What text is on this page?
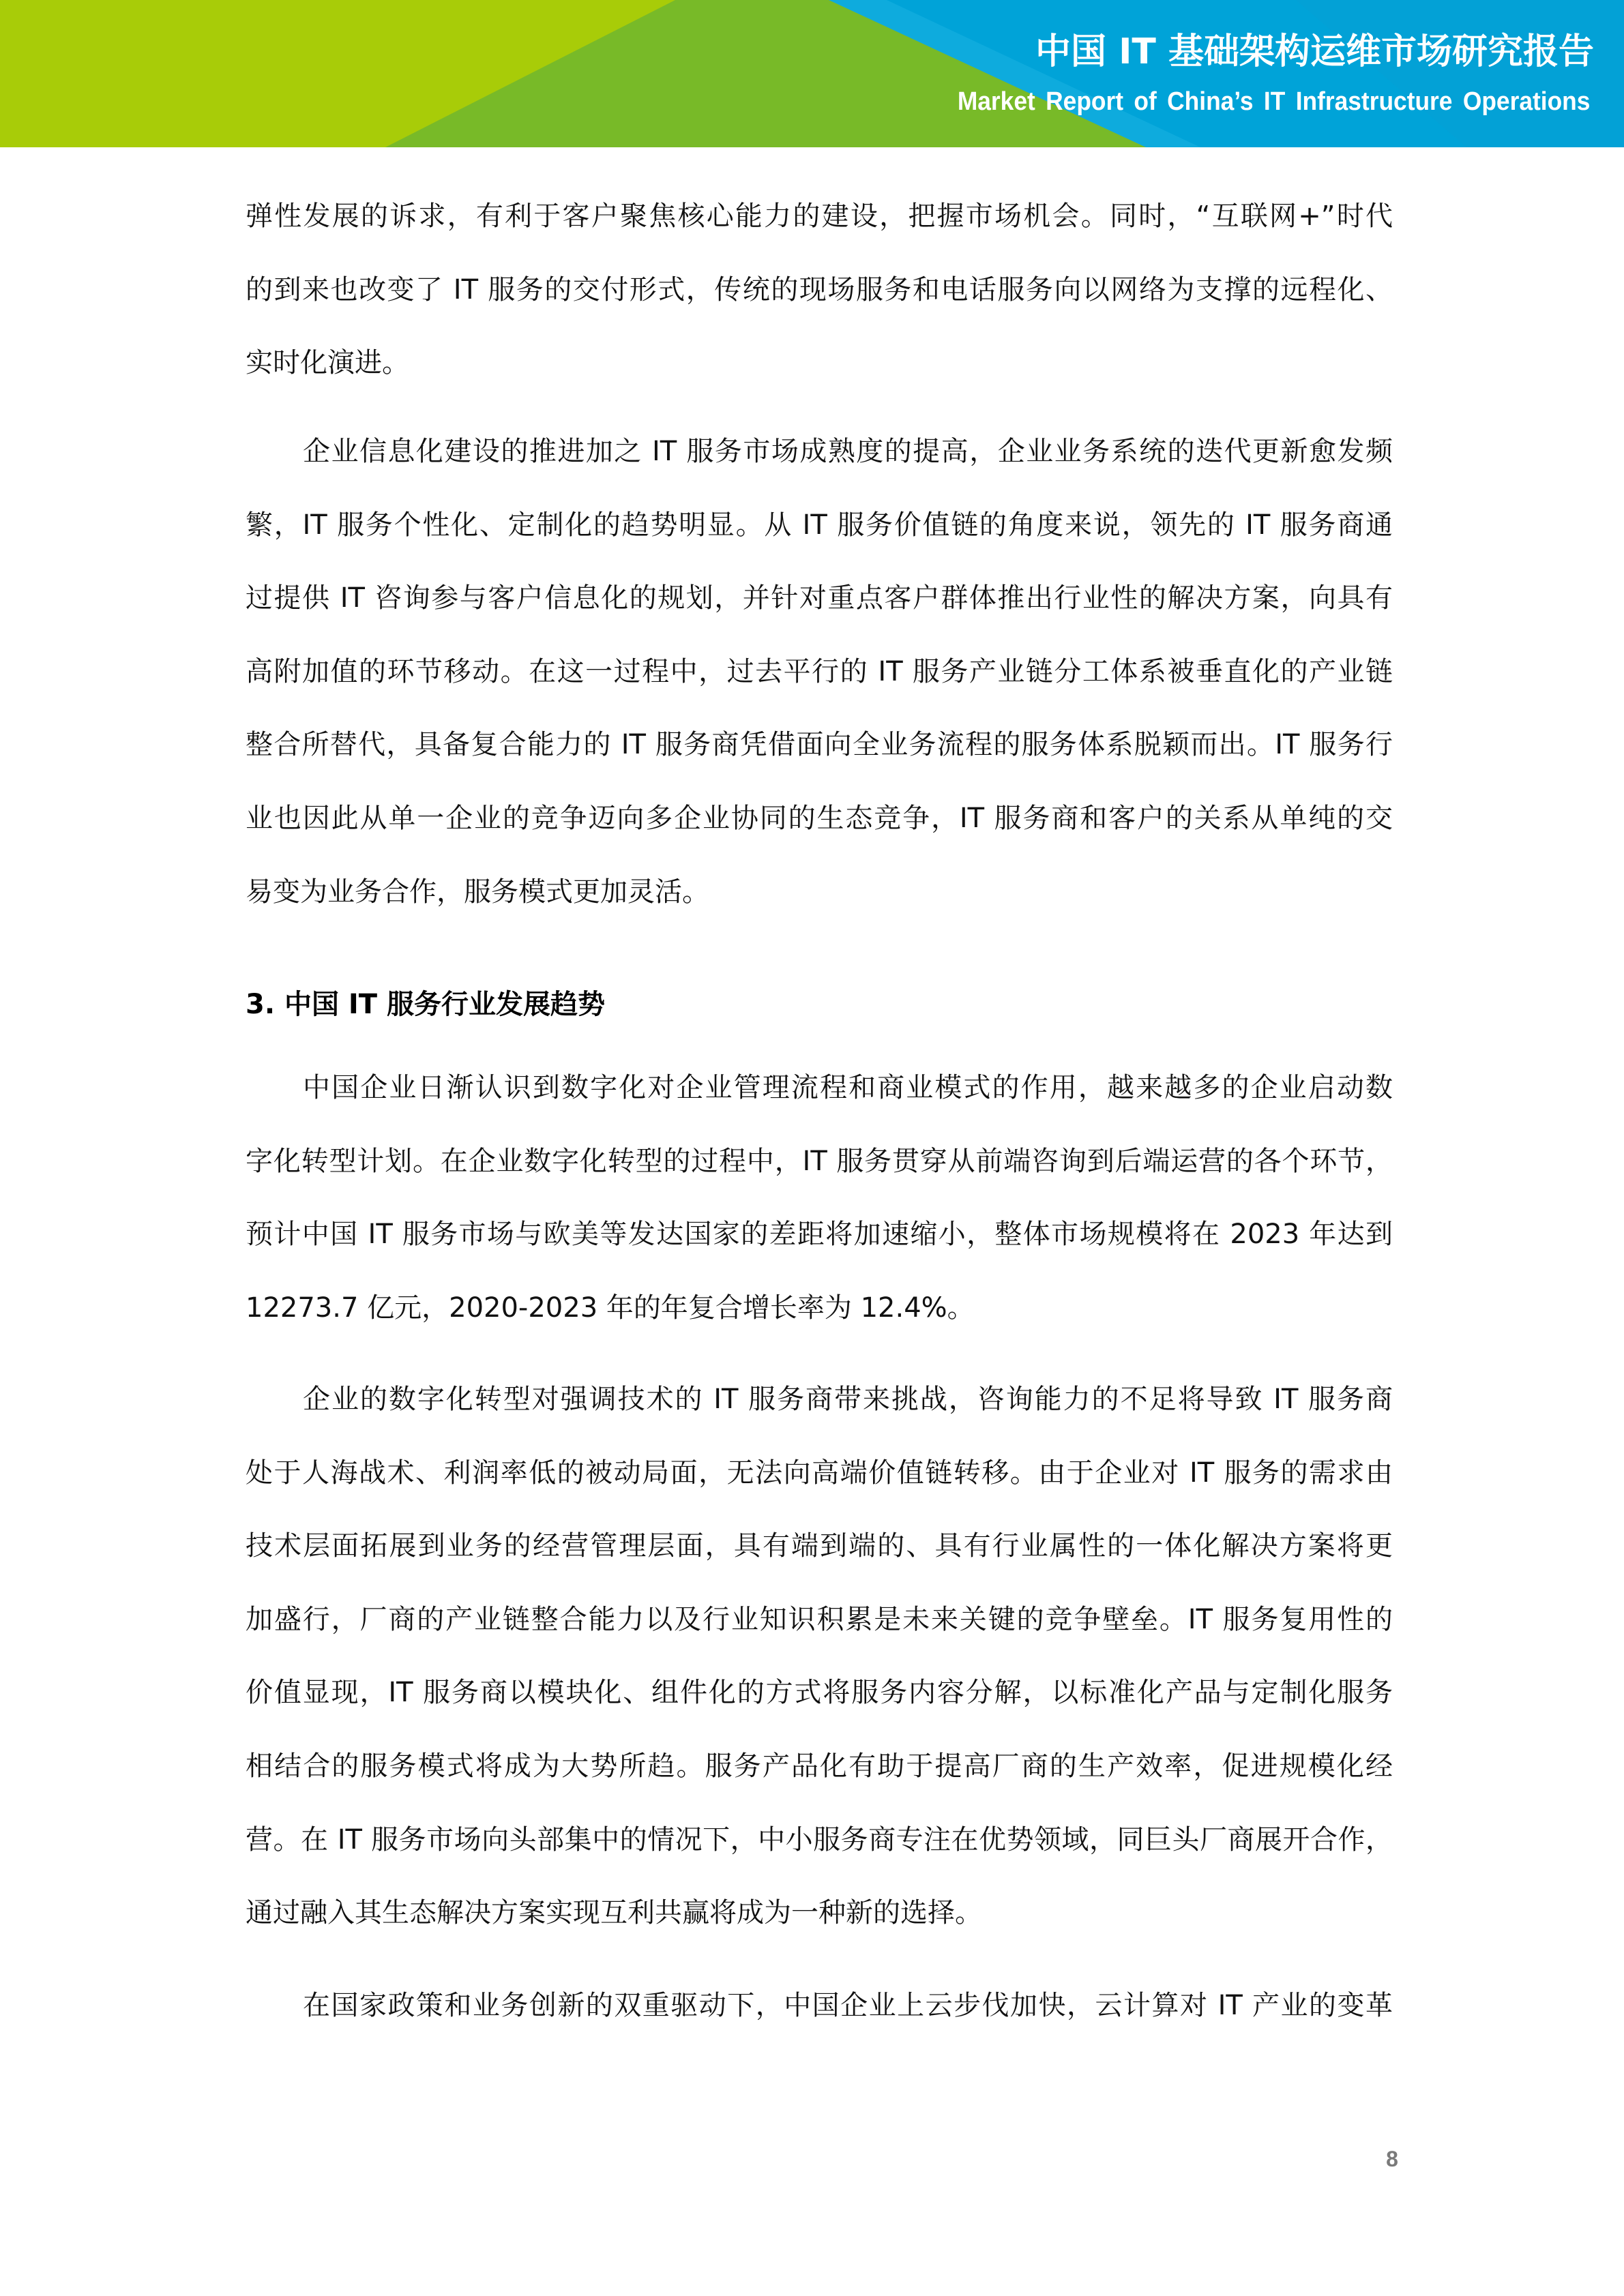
中国 IT 基础架构运维市场研究报告
Market Report of China’s IT Infrastructure Operations
弹性发展的诉求，有利于客户聚焦核心能力的建设，把握市场机会。同时，“互联网+”时代
的到来也改变了 IT 服务的交付形式，传统的现场服务和电话服务向以网络为支撑的远程化、
实时化演进。
企业信息化建设的推进加之 IT 服务市场成熟度的提高，企业业务系统的迭代更新愈发频
繁，IT 服务个性化、定制化的趋势明显。从 IT 服务价值链的角度来说，领先的 IT 服务商通
过提供 IT 咨询参与客户信息化的规划，并针对重点客户群体推出行业性的解决方案，向具有
高附加值的环节移动。在这一过程中，过去平行的 IT 服务产业链分工体系被垂直化的产业链
整合所替代，具备复合能力的 IT 服务商凭借面向全业务流程的服务体系脱颖而出。IT 服务行
业也因此从单一企业的竞争迈向多企业协同的生态竞争，IT 服务商和客户的关系从单纯的交
易变为业务合作，服务模式更加灵活。
3. 中国 IT 服务行业发展趋势
中国企业日渐认识到数字化对企业管理流程和商业模式的作用，越来越多的企业启动数
字化转型计划。在企业数字化转型的过程中，IT 服务贯穿从前端咨询到后端运营的各个环节，
预计中国 IT 服务市场与欧美等发达国家的差距将加速缩小，整体市场规模将在 2023 年达到
12273.7 亿元，2020-2023 年的年复合增长率为 12.4%。
企业的数字化转型对强调技术的 IT 服务商带来挑战，咨询能力的不足将导致 IT 服务商
处于人海战术、利润率低的被动局面，无法向高端价值链转移。由于企业对 IT 服务的需求由
技术层面拓展到业务的经营管理层面，具有端到端的、具有行业属性的一体化解决方案将更
加盛行，厂商的产业链整合能力以及行业知识积累是未来关键的竞争壁垒。IT 服务复用性的
价值显现，IT 服务商以模块化、组件化的方式将服务内容分解，以标准化产品与定制化服务
相结合的服务模式将成为大势所趋。服务产品化有助于提高厂商的生产效率，促进规模化经
营。在 IT 服务市场向头部集中的情况下，中小服务商专注在优势领域，同巨头厂商展开合作，
通过融入其生态解决方案实现互利共赢将成为一种新的选择。
在国家政策和业务创新的双重驱动下，中国企业上云步伐加快，云计算对 IT 产业的变革
8
